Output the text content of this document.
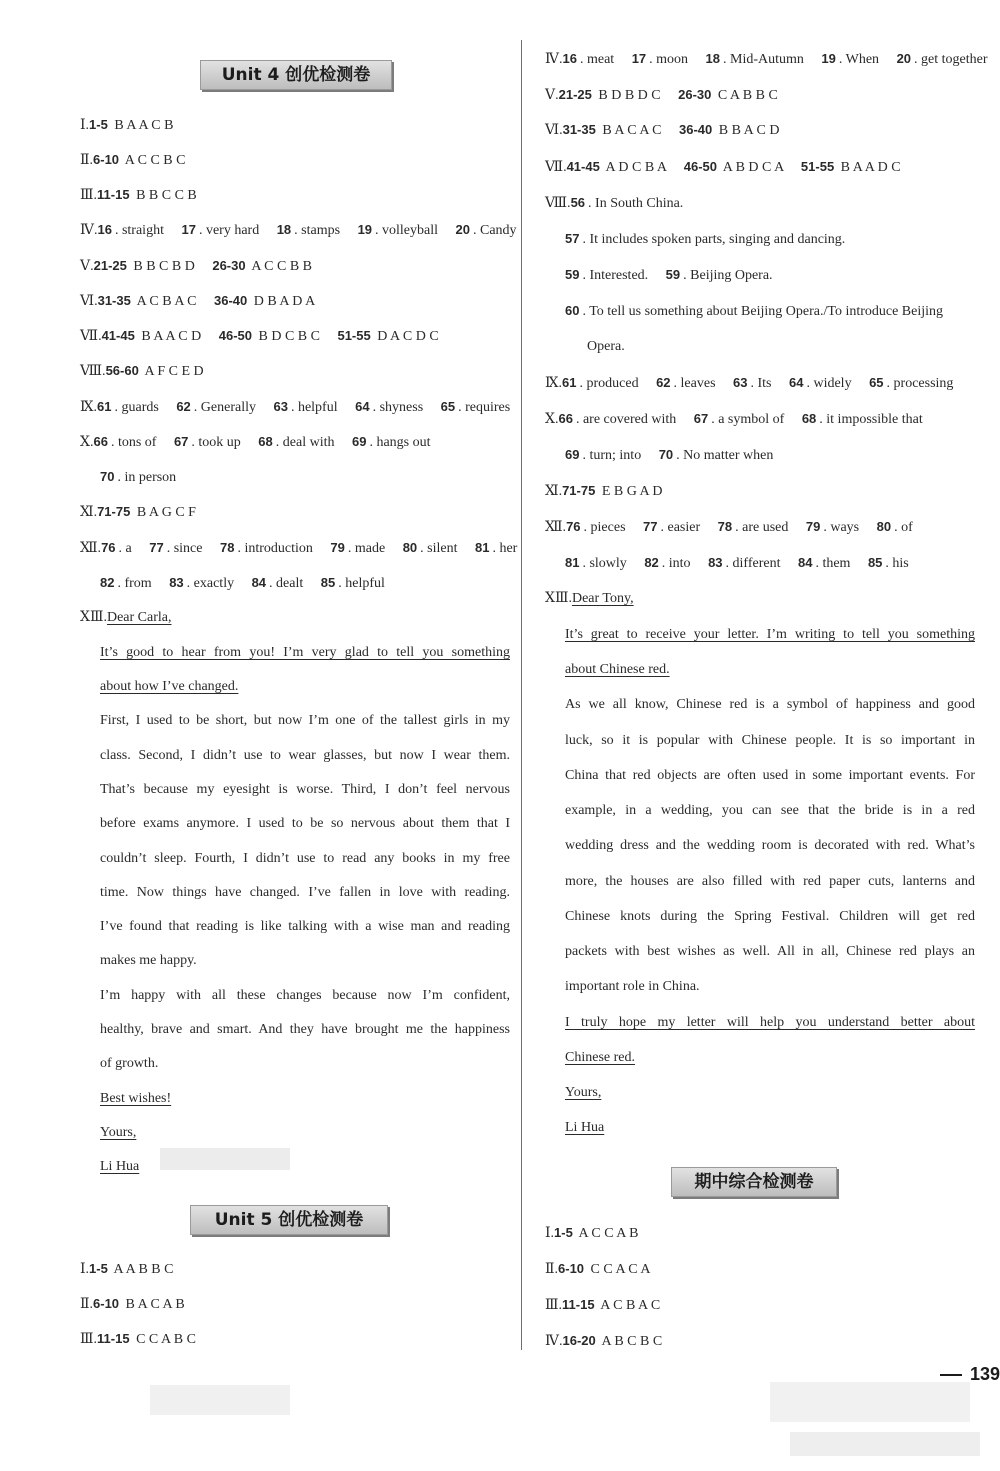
Unit 4 创优检测卷
Ⅰ.1-5 B A A C B
Ⅱ.6-10 A C C B C
Ⅲ.11-15 B B C C B
Ⅳ.16 . straight 17 . very hard 18 . stamps 19 . volleyball 20 . Candy
Ⅴ.21-25 B B C B D 26-30 A C C B B
Ⅵ.31-35 A C B A C 36-40 D B A D A
Ⅶ.41-45 B A A C D 46-50 B D C B C 51-55 D A C D C
Ⅷ.56-60 A F C E D
Ⅸ.61 . guards 62 . Generally 63 . helpful 64 . shyness 65 . requires
Ⅹ.66 . tons of 67 . took up 68 . deal with 69 . hangs out
70 . in person
Ⅺ.71-75 B A G C F
Ⅻ.76 . a 77 . since 78 . introduction 79 . made 80 . silent 81 . her
82 . from 83 . exactly 84 . dealt 85 . helpful
ⅩⅢ.Dear Carla,
It’s good to hear from you! I’m very glad to tell you something
about how I’ve changed.
First, I used to be short, but now I’m one of the tallest girls in my
class. Second, I didn’t use to wear glasses, but now I wear them.
That’s because my eyesight is worse. Third, I don’t feel nervous
before exams anymore. I used to be so nervous about them that I
couldn’t sleep. Fourth, I didn’t use to read any books in my free
time. Now things have changed. I’ve fallen in love with reading.
I’ve found that reading is like talking with a wise man and reading
makes me happy.
I’m happy with all these changes because now I’m confident,
healthy, brave and smart. And they have brought me the happiness
of growth.
Best wishes!
Yours,
Li Hua
Unit 5 创优检测卷
Ⅰ.1-5 A A B B C
Ⅱ.6-10 B A C A B
Ⅲ.11-15 C C A B C
Ⅳ.16 . meat 17 . moon 18 . Mid-Autumn 19 . When 20 . get together
Ⅴ.21-25 B D B D C 26-30 C A B B C
Ⅵ.31-35 B A C A C 36-40 B B A C D
Ⅶ.41-45 A D C B A 46-50 A B D C A 51-55 B A A D C
Ⅷ.56 . In South China.
57 . It includes spoken parts, singing and dancing.
59 . Interested. 59 . Beijing Opera.
60 . To tell us something about Beijing Opera./To introduce Beijing
Opera.
Ⅸ.61 . produced 62 . leaves 63 . Its 64 . widely 65 . processing
Ⅹ.66 . are covered with 67 . a symbol of 68 . it impossible that
69 . turn; into 70 . No matter when
Ⅺ.71-75 E B G A D
Ⅻ.76 . pieces 77 . easier 78 . are used 79 . ways 80 . of
81 . slowly 82 . into 83 . different 84 . them 85 . his
ⅩⅢ.Dear Tony,
It’s great to receive your letter. I’m writing to tell you something
about Chinese red.
As we all know, Chinese red is a symbol of happiness and good
luck, so it is popular with Chinese people. It is so important in
China that red objects are often used in some important events. For
example, in a wedding, you can see that the bride is in a red
wedding dress and the wedding room is decorated with red. What’s
more, the houses are also filled with red paper cuts, lanterns and
Chinese knots during the Spring Festival. Children will get red
packets with best wishes as well. All in all, Chinese red plays an
important role in China.
I truly hope my letter will help you understand better about
Chinese red.
Yours,
Li Hua
期中综合检测卷
Ⅰ.1-5 A C C A B
Ⅱ.6-10 C C A C A
Ⅲ.11-15 A C B A C
Ⅳ.16-20 A B C B C
139
